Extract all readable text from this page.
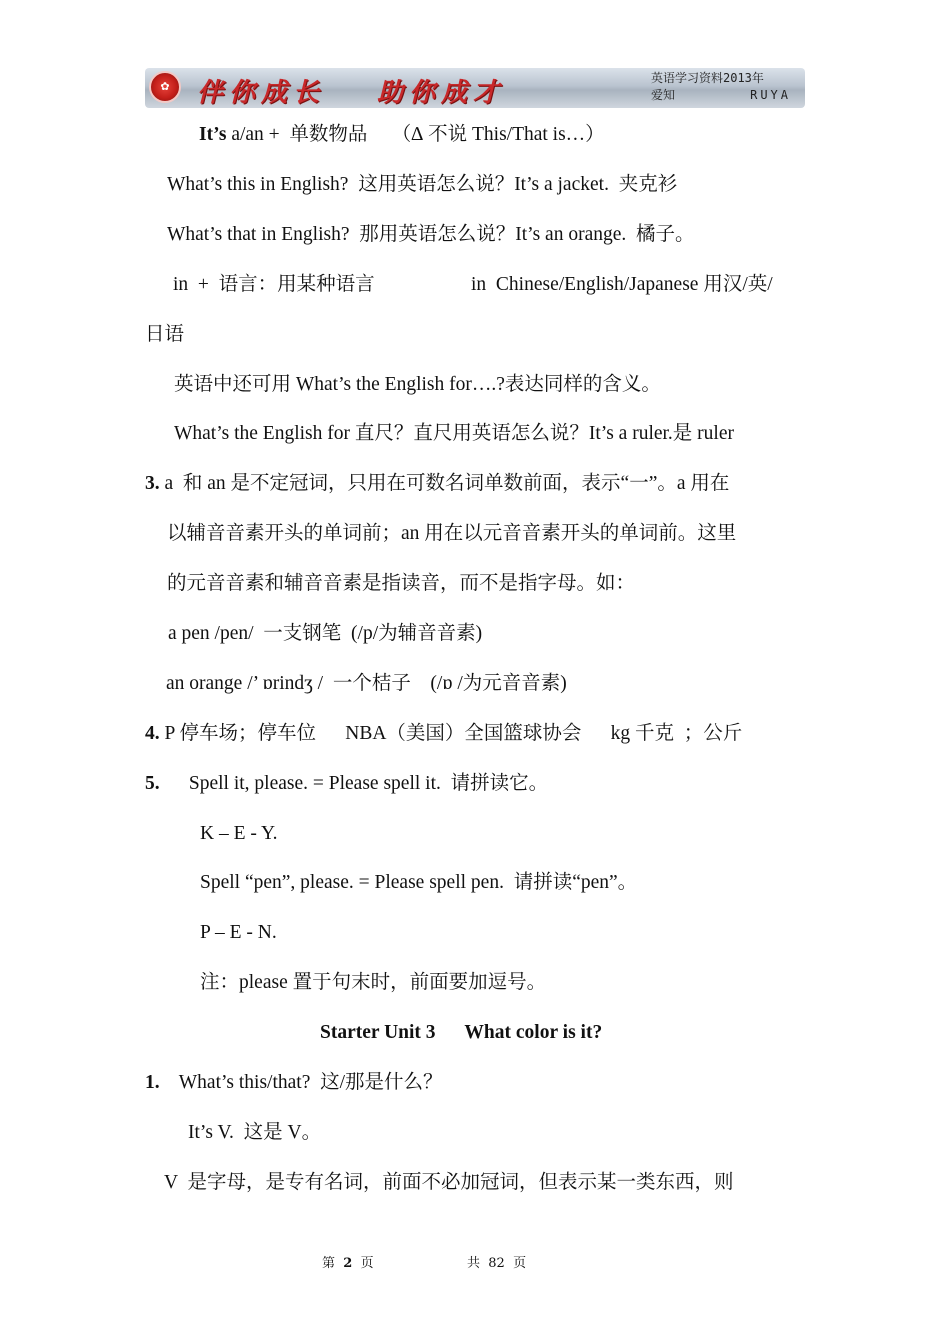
✿	伴你成长 助你成才	英语学习资料2013年
爱知	RUYA
It’s a/an +  单数物品     （∆ 不说 This/That is…）
What’s this in English?  这用英语怎么说？It’s a jacket.  夹克衫
What’s that in English?  那用英语怎么说？It’s an orange.  橘子。
in  +  语言：用某种语言	in  Chinese/English/Japanese 用汉/英/
日语
英语中还可用 What’s the English for….?表达同样的含义。
What’s the English for 直尺？直尺用英语怎么说？It’s a ruler.是 ruler
3. a  和 an 是不定冠词，只用在可数名词单数前面，表示“一”。a 用在
以辅音音素开头的单词前；an 用在以元音音素开头的单词前。这里
的元音音素和辅音音素是指读音，而不是指字母。如：
a pen /pen/  一支钢笔  (/p/为辅音音素)
an orange /’ ɒrindʒ /  一个桔子    (/ɒ /为元音音素)
4. P 停车场；停车位      NBA（美国）全国篮球协会      kg 千克  ；公斤
5.      Spell it, please. = Please spell it.  请拼读它。
K – E - Y.
Spell “pen”, please. = Please spell pen.  请拼读“pen”。
P – E - N.
注：please 置于句末时，前面要加逗号。
Starter Unit 3      What color is it?
1.    What’s this/that?  这/那是什么？
It’s V.  这是 V。
V  是字母，是专有名词，前面不必加冠词，但表示某一类东西，则
第 2 页	共 82 页
